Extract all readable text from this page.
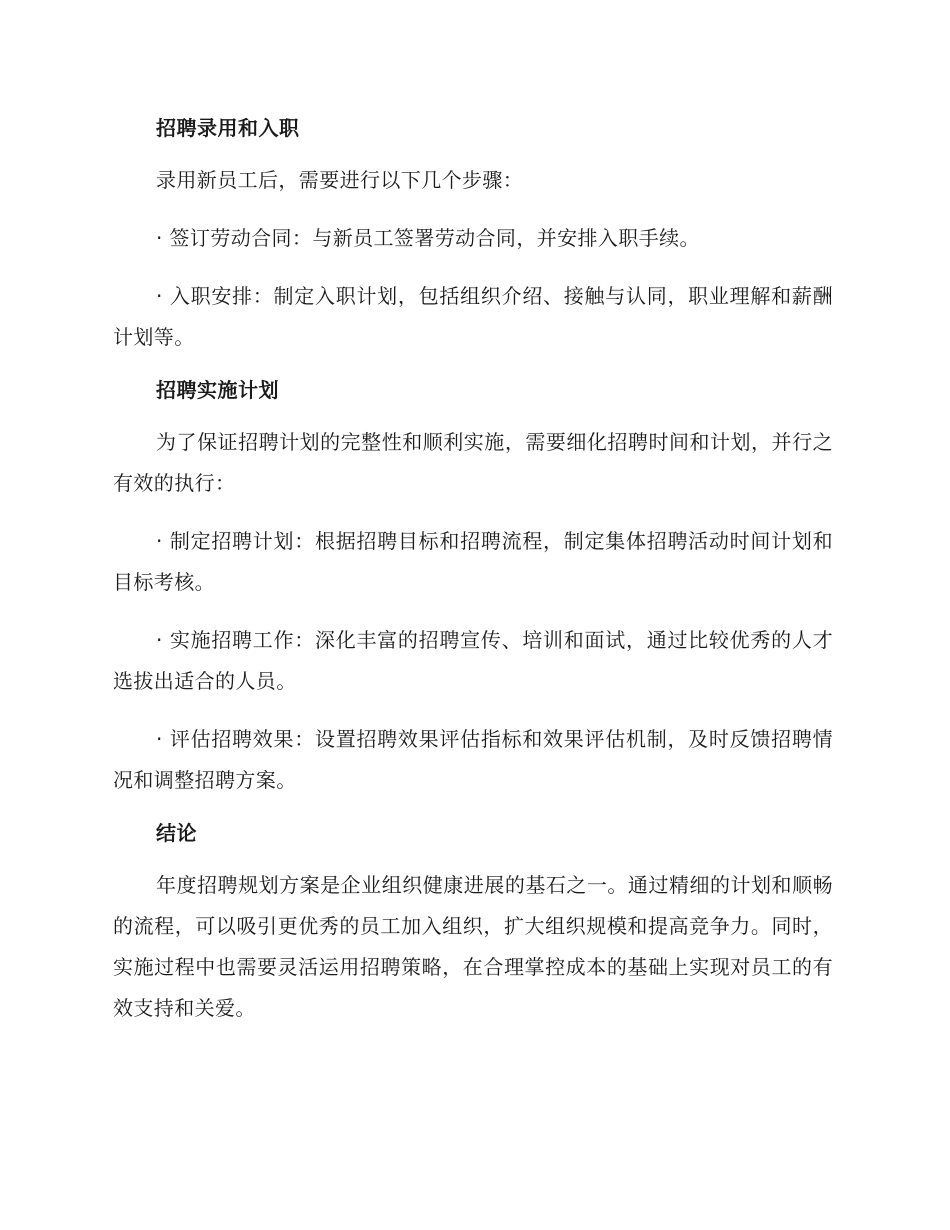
招聘录用和入职

录用新员工后，需要进行以下几个步骤：

· 签订劳动合同：与新员工签署劳动合同，并安排入职手续。

· 入职安排：制定入职计划，包括组织介绍、接触与认同，职业理解和薪酬计划等。

招聘实施计划

为了保证招聘计划的完整性和顺利实施，需要细化招聘时间和计划，并行之有效的执行：

· 制定招聘计划：根据招聘目标和招聘流程，制定集体招聘活动时间计划和目标考核。

· 实施招聘工作：深化丰富的招聘宣传、培训和面试，通过比较优秀的人才选拔出适合的人员。

· 评估招聘效果：设置招聘效果评估指标和效果评估机制，及时反馈招聘情况和调整招聘方案。

结论

年度招聘规划方案是企业组织健康进展的基石之一。通过精细的计划和顺畅的流程，可以吸引更优秀的员工加入组织，扩大组织规模和提高竞争力。同时，实施过程中也需要灵活运用招聘策略，在合理掌控成本的基础上实现对员工的有效支持和关爱。
